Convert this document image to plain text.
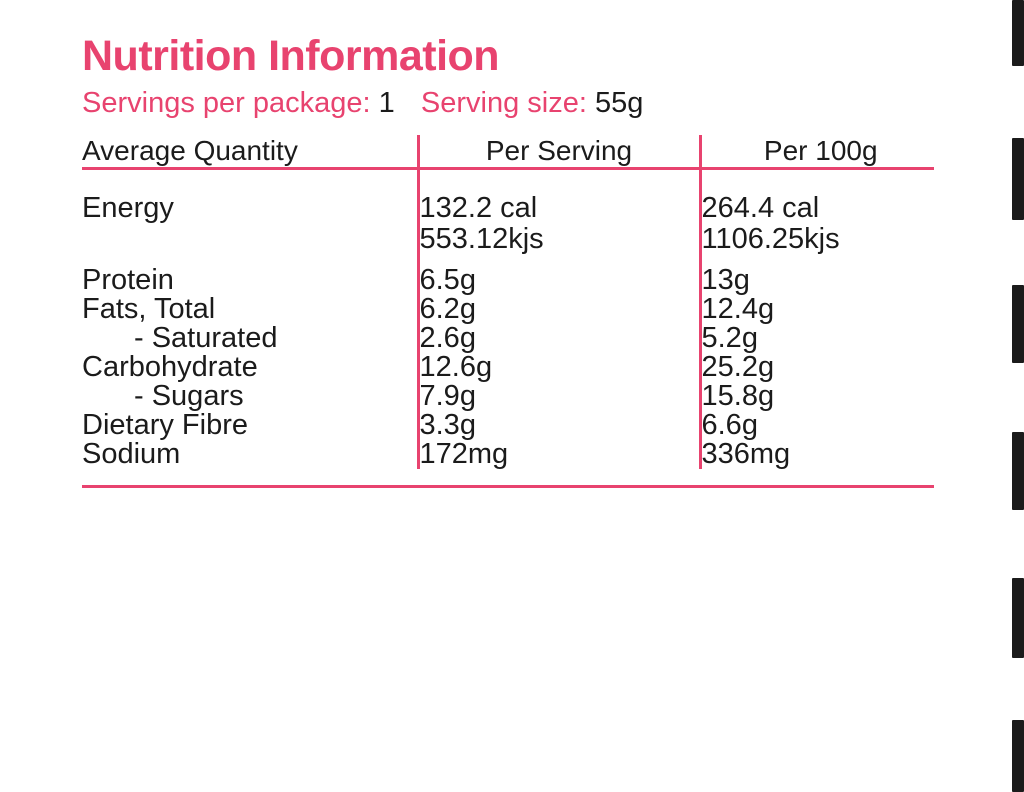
Nutrition Information
Servings per package: 1 Serving size: 55g
Average Quantity	Per Serving	Per 100g

Energy	132.2 cal	264.4 cal
	553.12kjs	1106.25kjs
Protein	6.5g	13g
Fats, Total	6.2g	12.4g
- Saturated	2.6g	5.2g
Carbohydrate	12.6g	25.2g
- Sugars	7.9g	15.8g
Dietary Fibre	3.3g	6.6g
Sodium	172mg	336mg
